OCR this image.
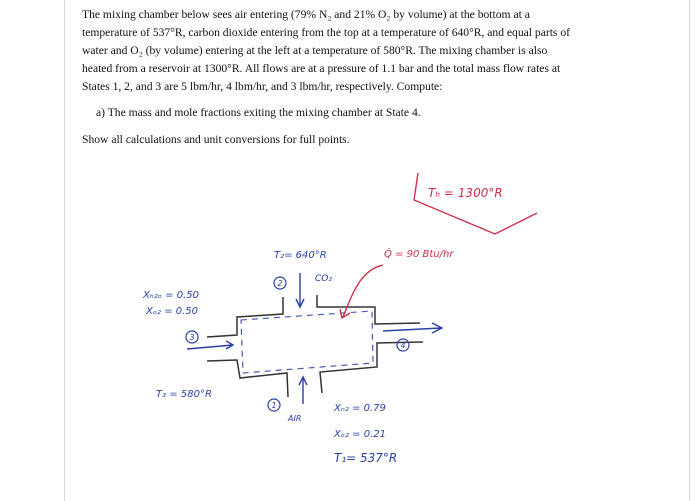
The mixing chamber below sees air entering (79% N₂ and 21% O₂ by volume) at the bottom at a
temperature of 537°R, carbon dioxide entering from the top at a temperature of 640°R, and equal parts of
water and O₂ (by volume) entering at the left at a temperature of 580°R. The mixing chamber is also
heated from a reservoir at 1300°R. All flows are at a pressure of 1.1 bar and the total mass flow rates at
States 1, 2, and 3 are 5 lbm/hr, 4 lbm/hr, and 3 lbm/hr, respectively. Compute:
a) The mass and mole fractions exiting the mixing chamber at State 4.
Show all calculations and unit conversions for full points.
2
3
4
1
Tₕ = 1300°R
Q̇ = 90 Btu/hr
T₂= 640°R
CO₂
Xₕ₂ₒ = 0.50
Xₒ₂ = 0.50
T₃ = 580°R
AIR
Xₙ₂ = 0.79
Xₒ₂ = 0.21
T₁= 537°R
